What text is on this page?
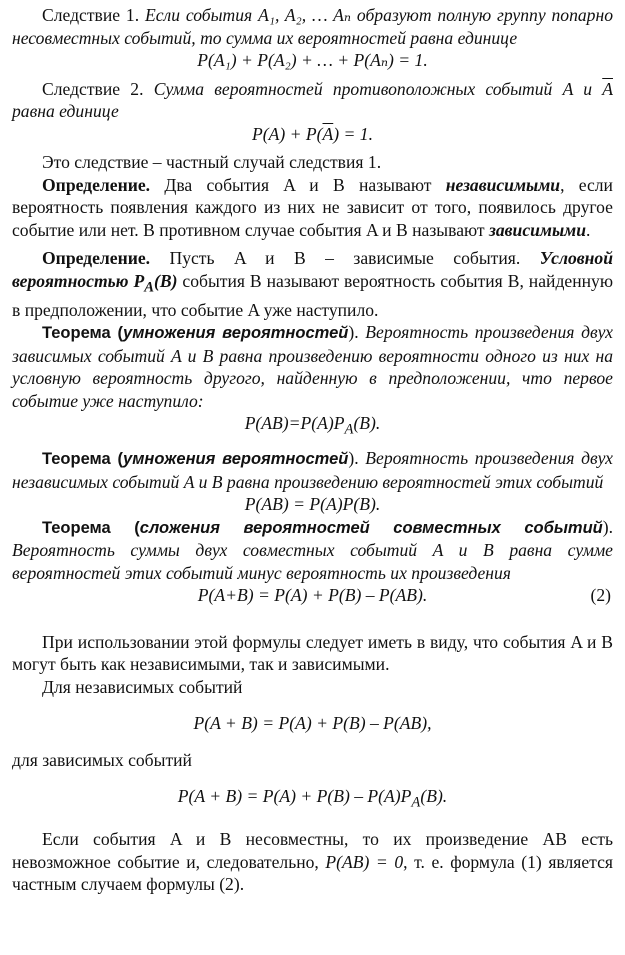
Следствие 1. Если события A₁, A₂, … Aₙ образуют полную группу попарно несовместных событий, то сумма их вероятностей равна единице

P(A₁) + P(A₂) + … + P(Aₙ) = 1.

Следствие 2. Сумма вероятностей противоположных событий A и $\overline{A}$ равна единице

$P(A) + P(\overline{A}) = 1$.

Это следствие – частный случай следствия 1.

Определение. Два события A и B называют независимыми, если вероятность появления каждого из них не зависит от того, появилось другое событие или нет. В противном случае события A и B называют зависимыми.

Определение. Пусть A и B – зависимые события. Условной вероятностью $P_A(B)$ события B называют вероятность события B, найденную в предположении, что событие A уже наступило.

Теорема (умножения вероятностей). Вероятность произведения двух зависимых событий A и B равна произведению вероятности одного из них на условную вероятность другого, найденную в предположении, что первое событие уже наступило:

$P(AB)=P(A)P_A(B)$.

Теорема (умножения вероятностей). Вероятность произведения двух независимых событий A и B равна произведению вероятностей этих событий

P(AB) = P(A)P(B).

Теорема (сложения вероятностей совместных событий). Вероятность суммы двух совместных событий A и B равна сумме вероятностей этих событий минус вероятность их произведения

P(A+B) = P(A) + P(B) – P(AB).	(2)

При использовании этой формулы следует иметь в виду, что события A и B могут быть как независимыми, так и зависимыми.

Для независимых событий

P(A + B) = P(A) + P(B) – P(AB),

для зависимых событий

$P(A + B) = P(A) + P(B) - P(A)P_A(B)$.

Если события A и B несовместны, то их произведение AB есть невозможное событие и, следовательно, P(AB) = 0, т. е. формула (1) является частным случаем формулы (2).
